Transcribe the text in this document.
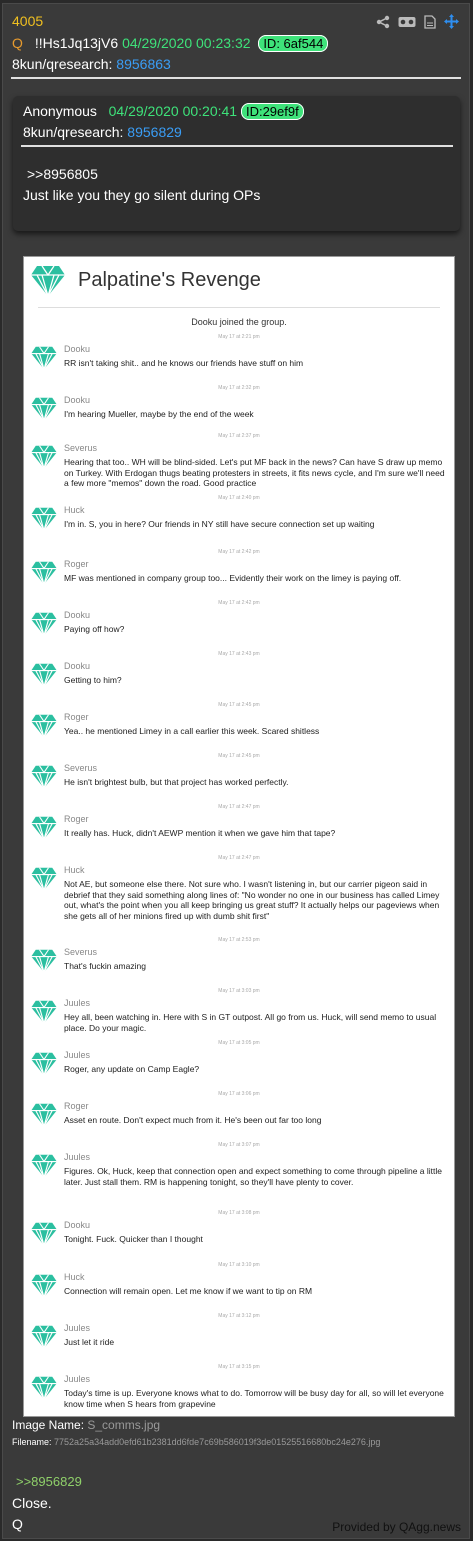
4005
Q !!Hs1Jq13jV6 04/29/2020 00:23:32 ID: 6af544
8kun/qresearch: 8956863
Anonymous 04/29/2020 00:20:41 ID:29ef9f
8kun/qresearch: 8956829
>>8956805
Just like you they go silent during OPs
Palpatine's Revenge
Dooku joined the group.
May 17 at 2:21 pm
Dooku
RR isn't taking shit.. and he knows our friends have stuff on him
May 17 at 2:32 pm
Dooku
I'm hearing Mueller, maybe by the end of the week
May 17 at 2:37 pm
Severus
Hearing that too.. WH will be blind-sided. Let's put MF back in the news? Can have S draw up memo on Turkey. With Erdogan thugs beating protesters in streets, it fits news cycle, and I'm sure we'll need a few more "memos" down the road. Good practice
May 17 at 2:40 pm
Huck
I'm in. S, you in here? Our friends in NY still have secure connection set up waiting
May 17 at 2:42 pm
Roger
MF was mentioned in company group too... Evidently their work on the limey is paying off.
May 17 at 2:42 pm
Dooku
Paying off how?
May 17 at 2:43 pm
Dooku
Getting to him?
May 17 at 2:45 pm
Roger
Yea.. he mentioned Limey in a call earlier this week. Scared shitless
May 17 at 2:45 pm
Severus
He isn't brightest bulb, but that project has worked perfectly.
May 17 at 2:47 pm
Roger
It really has. Huck, didn't AEWP mention it when we gave him that tape?
May 17 at 2:47 pm
Huck
Not AE, but someone else there. Not sure who. I wasn't listening in, but our carrier pigeon said in debrief that they said something along lines of: "No wonder no one in our business has called Limey out, what's the point when you all keep bringing us great stuff? It actually helps our pageviews when she gets all of her minions fired up with dumb shit first"
May 17 at 2:53 pm
Severus
That's fuckin amazing
May 17 at 3:03 pm
Juules
Hey all, been watching in. Here with S in GT outpost. All go from us. Huck, will send memo to usual place. Do your magic.
May 17 at 3:05 pm
Juules
Roger, any update on Camp Eagle?
May 17 at 3:06 pm
Roger
Asset en route. Don't expect much from it. He's been out far too long
May 17 at 3:07 pm
Juules
Figures. Ok, Huck, keep that connection open and expect something to come through pipeline a little later. Just stall them. RM is happening tonight, so they'll have plenty to cover.
May 17 at 3:08 pm
Dooku
Tonight. Fuck. Quicker than I thought
May 17 at 3:10 pm
Huck
Connection will remain open. Let me know if we want to tip on RM
May 17 at 3:12 pm
Juules
Just let it ride
May 17 at 3:15 pm
Juules
Today's time is up. Everyone knows what to do. Tomorrow will be busy day for all, so will let everyone know time when S hears from grapevine
Image Name: S_comms.jpg
Filename: 7752a25a34add0efd61b2381dd6fde7c69b586019f3de01525516680bc24e276.jpg
>>8956829
Close.
Q	Provided by QAgg.news
